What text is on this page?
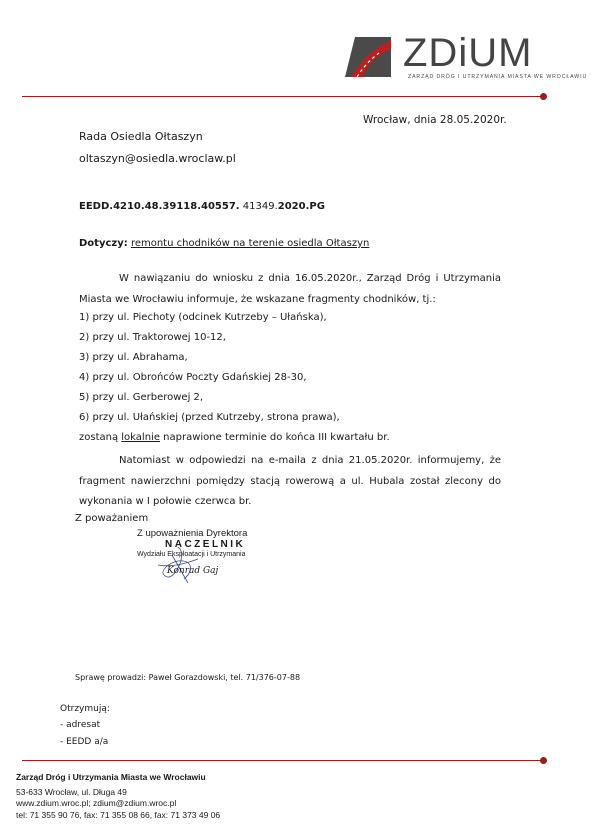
ZDiUM
ZARZĄD DRÓG I UTRZYMANIA MIASTA WE WROCŁAWIU
Wrocław, dnia 28.05.2020r.
Rada Osiedla Ołtaszyn
oltaszyn@osiedla.wroclaw.pl
EEDD.4210.48.39118.40557. 41349.2020.PG
Dotyczy: remontu chodników na terenie osiedla Ołtaszyn
W nawiązaniu do wniosku z dnia 16.05.2020r., Zarząd Dróg i Utrzymania Miasta we Wrocławiu informuje, że wskazane fragmenty chodników, tj.:
1) przy ul. Piechoty (odcinek Kutrzeby – Ułańska),
2) przy ul. Traktorowej 10-12,
3) przy ul. Abrahama,
4) przy ul. Obrońców Poczty Gdańskiej 28-30,
5) przy ul. Gerberowej 2,
6) przy ul. Ułańskiej (przed Kutrzeby, strona prawa),
zostaną lokalnie naprawione terminie do końca III kwartału br.
Natomiast w odpowiedzi na e-maila z dnia 21.05.2020r. informujemy, że fragment nawierzchni pomiędzy stacją rowerową a ul. Hubala został zlecony do wykonania w I połowie czerwca br.
Z poważaniem
Z upoważnienia Dyrektora
NACZELNIK
Wydziału Eksploatacji i Utrzymania
Konrad Gaj
Sprawę prowadzi: Paweł Gorazdowski, tel. 71/376-07-88
Otrzymują:
- adresat
- EEDD a/a
Zarząd Dróg i Utrzymania Miasta we Wrocławiu
53-633 Wrocław, ul. Długa 49
www.zdium.wroc.pl; zdium@zdium.wroc.pl
tel: 71 355 90 76, fax: 71 355 08 66, fax: 71 373 49 06
